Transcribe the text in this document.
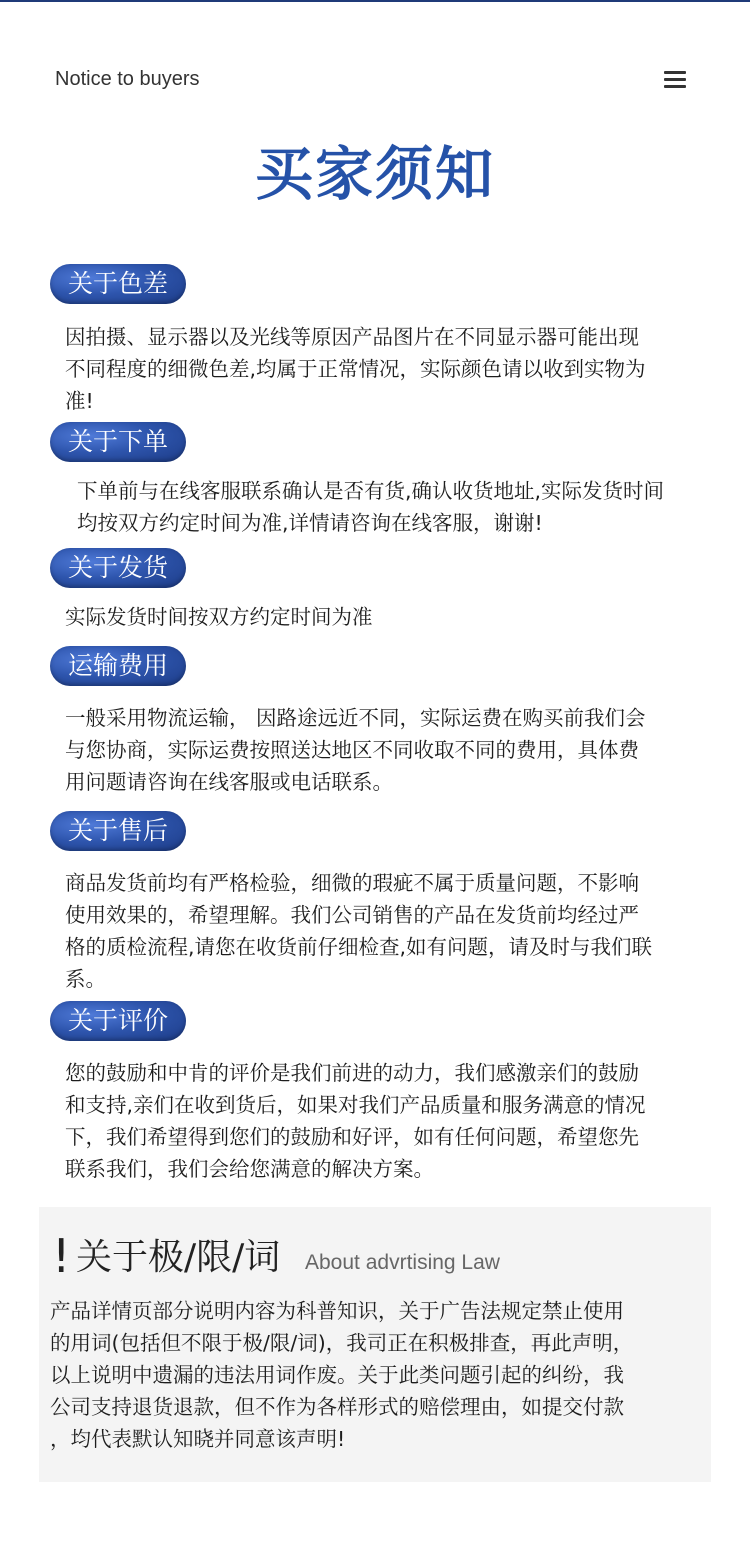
Notice to buyers
买家须知
关于色差
因拍摄、显示器以及光线等原因产品图片在不同显示器可能出现
不同程度的细微色差,均属于正常情况，实际颜色请以收到实物为
准!
关于下单
下单前与在线客服联系确认是否有货,确认收货地址,实际发货时间
均按双方约定时间为准,详情请咨询在线客服，谢谢!
关于发货
实际发货时间按双方约定时间为准
运输费用
一般采用物流运输， 因路途远近不同，实际运费在购买前我们会
与您协商，实际运费按照送达地区不同收取不同的费用，具体费
用问题请咨询在线客服或电话联系。
关于售后
商品发货前均有严格检验，细微的瑕疵不属于质量问题，不影响
使用效果的，希望理解。我们公司销售的产品在发货前均经过严
格的质检流程,请您在收货前仔细检查,如有问题，请及时与我们联
系。
关于评价
您的鼓励和中肯的评价是我们前进的动力，我们感激亲们的鼓励
和支持,亲们在收到货后，如果对我们产品质量和服务满意的情况
下，我们希望得到您们的鼓励和好评，如有任何问题，希望您先
联系我们，我们会给您满意的解决方案。
! 关于极/限/词 About advrtising Law
产品详情页部分说明内容为科普知识，关于广告法规定禁止使用
的用词(包括但不限于极/限/词)，我司正在积极排查，再此声明，
以上说明中遗漏的违法用词作废。关于此类问题引起的纠纷，我
公司支持退货退款，但不作为各样形式的赔偿理由，如提交付款
，均代表默认知晓并同意该声明!
